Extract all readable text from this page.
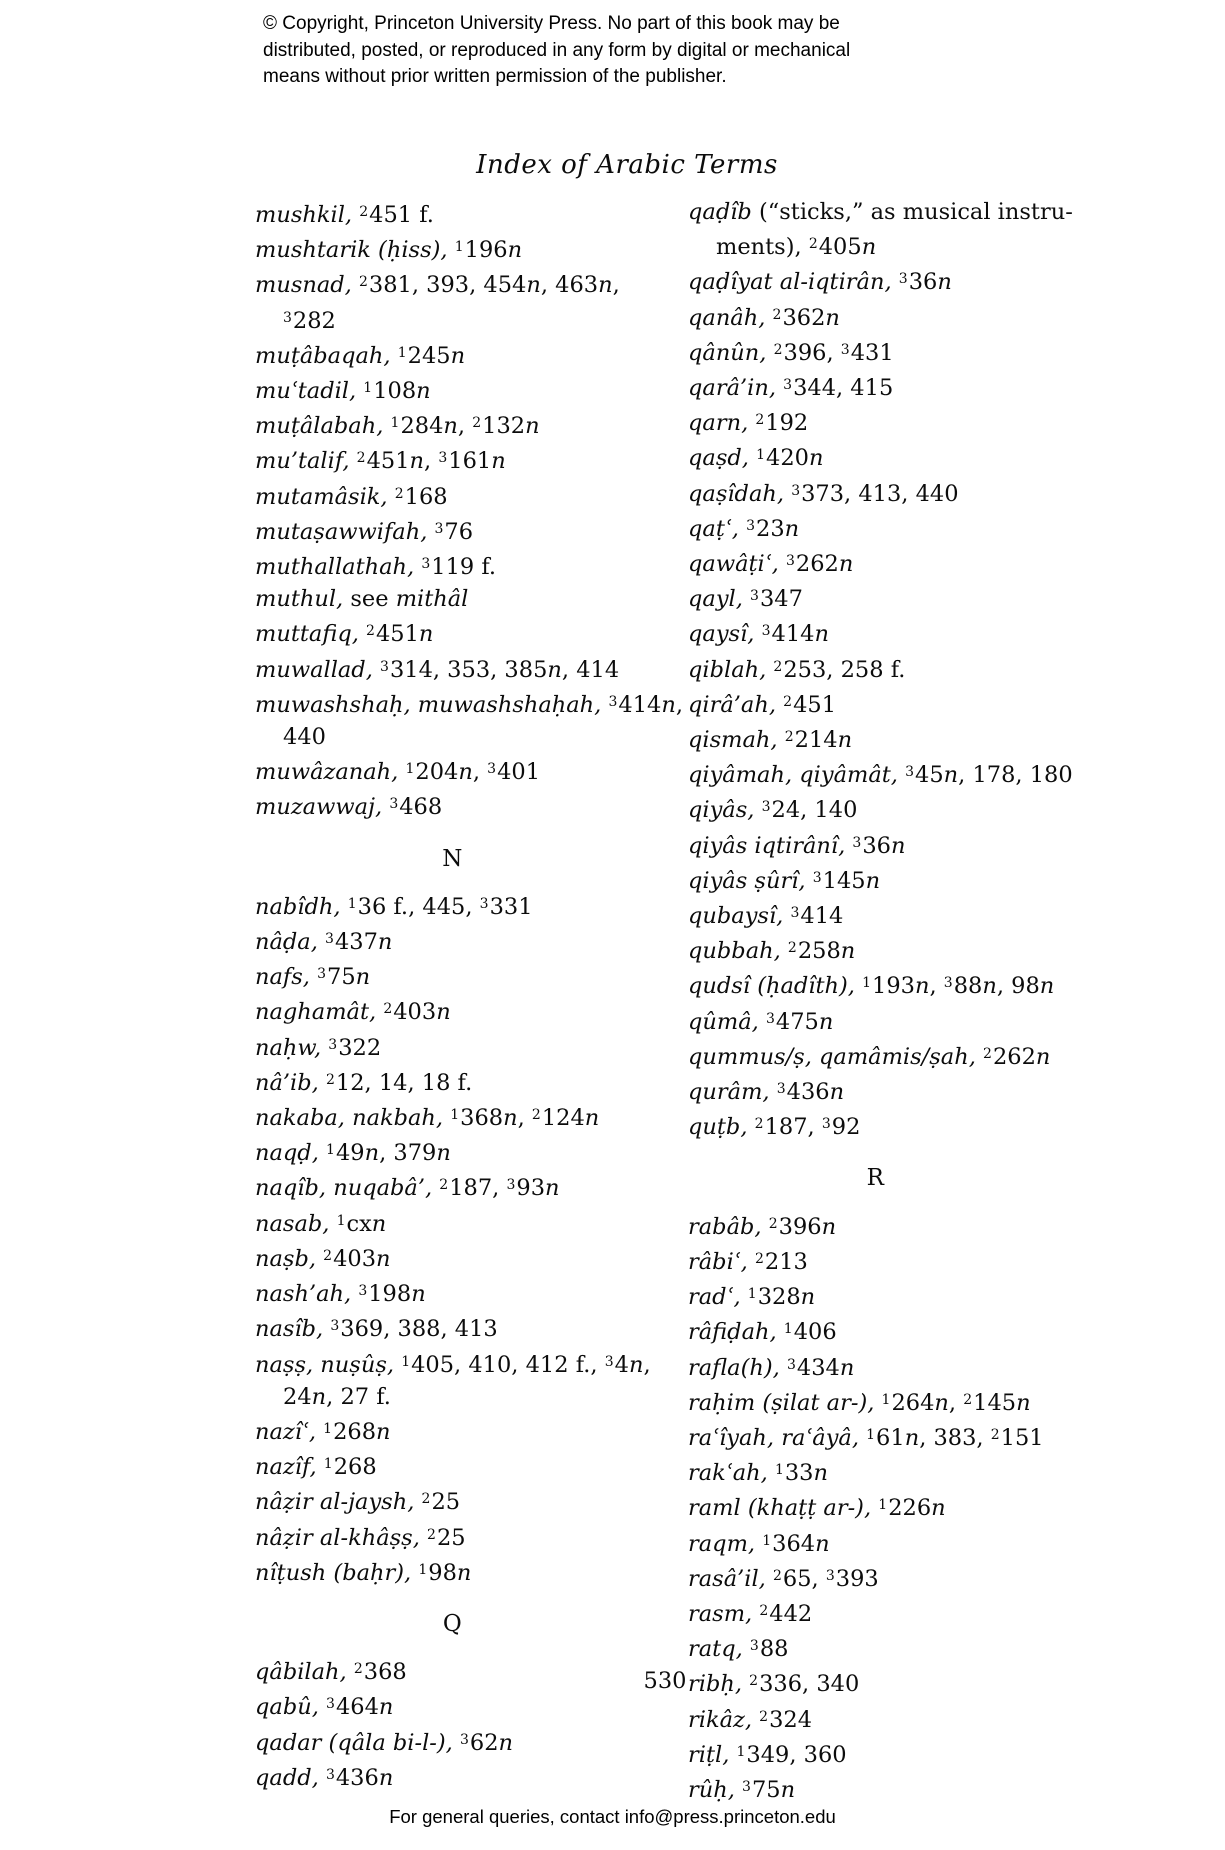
© Copyright, Princeton University Press. No part of this book may be
distributed, posted, or reproduced in any form by digital or mechanical
means without prior written permission of the publisher.
Index of Arabic Terms
mushkil, $^2$451 f.
mushtarik (ḥiss), $^1$196n
musnad, $^2$381, 393, 454n, 463n,
$^3$282
muṭâbaqah, $^1$245n
muʿtadil, $^1$108n
muṭâlabah, $^1$284n, $^2$132n
mu’talif, $^2$451n, $^3$161n
mutamâsik, $^2$168
mutaṣawwifah, $^3$76
muthallathah, $^3$119 f.
muthul, see mithâl
muttafiq, $^2$451n
muwallad, $^3$314, 353, 385n, 414
muwashshaḥ, muwashshaḥah, $^3$414n,
440
muwâzanah, $^1$204n, $^3$401
muzawwaj, $^3$468
N
nabîdh, $^1$36 f., 445, $^3$331
nâḍa, $^3$437n
nafs, $^3$75n
naghamât, $^2$403n
naḥw, $^3$322
nâ’ib, $^2$12, 14, 18 f.
nakaba, nakbah, $^1$368n, $^2$124n
naqḍ, $^1$49n, 379n
naqîb, nuqabâ’, $^2$187, $^3$93n
nasab, $^1$cxn
naṣb, $^2$403n
nash’ah, $^3$198n
nasîb, $^3$369, 388, 413
naṣṣ, nuṣûṣ, $^1$405, 410, 412 f., $^3$4n,
24n, 27 f.
nazîʿ, $^1$268n
nazîf, $^1$268
nâẓir al-jaysh, $^2$25
nâẓir al-khâṣṣ, $^2$25
nîṭush (baḥr), $^1$98n
Q
qâbilah, $^2$368
qabû, $^3$464n
qadar (qâla bi-l-), $^3$62n
qadd, $^3$436n
qaḍîb (“sticks,” as musical instru-
ments), $^2$405n
qaḍîyat al-iqtirân, $^3$36n
qanâh, $^2$362n
qânûn, $^2$396, $^3$431
qarâ’in, $^3$344, 415
qarn, $^2$192
qaṣd, $^1$420n
qaṣîdah, $^3$373, 413, 440
qaṭʿ, $^3$23n
qawâṭiʿ, $^3$262n
qayl, $^3$347
qaysî, $^3$414n
qiblah, $^2$253, 258 f.
qirâ’ah, $^2$451
qismah, $^2$214n
qiyâmah, qiyâmât, $^3$45n, 178, 180
qiyâs, $^3$24, 140
qiyâs iqtirânî, $^3$36n
qiyâs ṣûrî, $^3$145n
qubaysî, $^3$414
qubbah, $^2$258n
qudsî (ḥadîth), $^1$193n, $^3$88n, 98n
qûmâ, $^3$475n
qummus/ṣ, qamâmis/ṣah, $^2$262n
qurâm, $^3$436n
quṭb, $^2$187, $^3$92
R
rabâb, $^2$396n
râbiʿ, $^2$213
radʿ, $^1$328n
râfiḍah, $^1$406
rafla(h), $^3$434n
raḥim (ṣilat ar-), $^1$264n, $^2$145n
raʿîyah, raʿâyâ, $^1$61n, 383, $^2$151
rakʿah, $^1$33n
raml (khaṭṭ ar-), $^1$226n
raqm, $^1$364n
rasâ’il, $^2$65, $^3$393
rasm, $^2$442
ratq, $^3$88
ribḥ, $^2$336, 340
rikâz, $^2$324
riṭl, $^1$349, 360
rûḥ, $^3$75n
530
For general queries, contact info@press.princeton.edu
